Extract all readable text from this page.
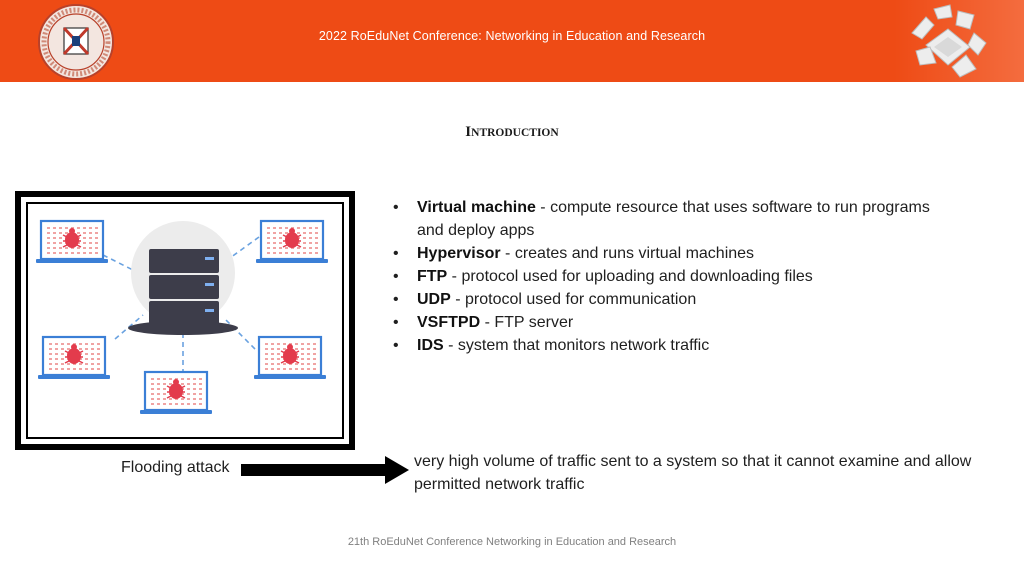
2022 RoEduNet Conference: Networking in Education and Research
INTRODUCTION
• Virtual machine - compute resource that uses software to run programs and deploy apps
• Hypervisor - creates and runs virtual machines
• FTP - protocol used for uploading and downloading files
• UDP - protocol used for communication
• VSFTPD - FTP server
• IDS - system that monitors network traffic
Flooding attack	very high volume of traffic sent to a system so that it cannot examine and allow permitted network traffic
21th RoEduNet Conference Networking in Education and Research
